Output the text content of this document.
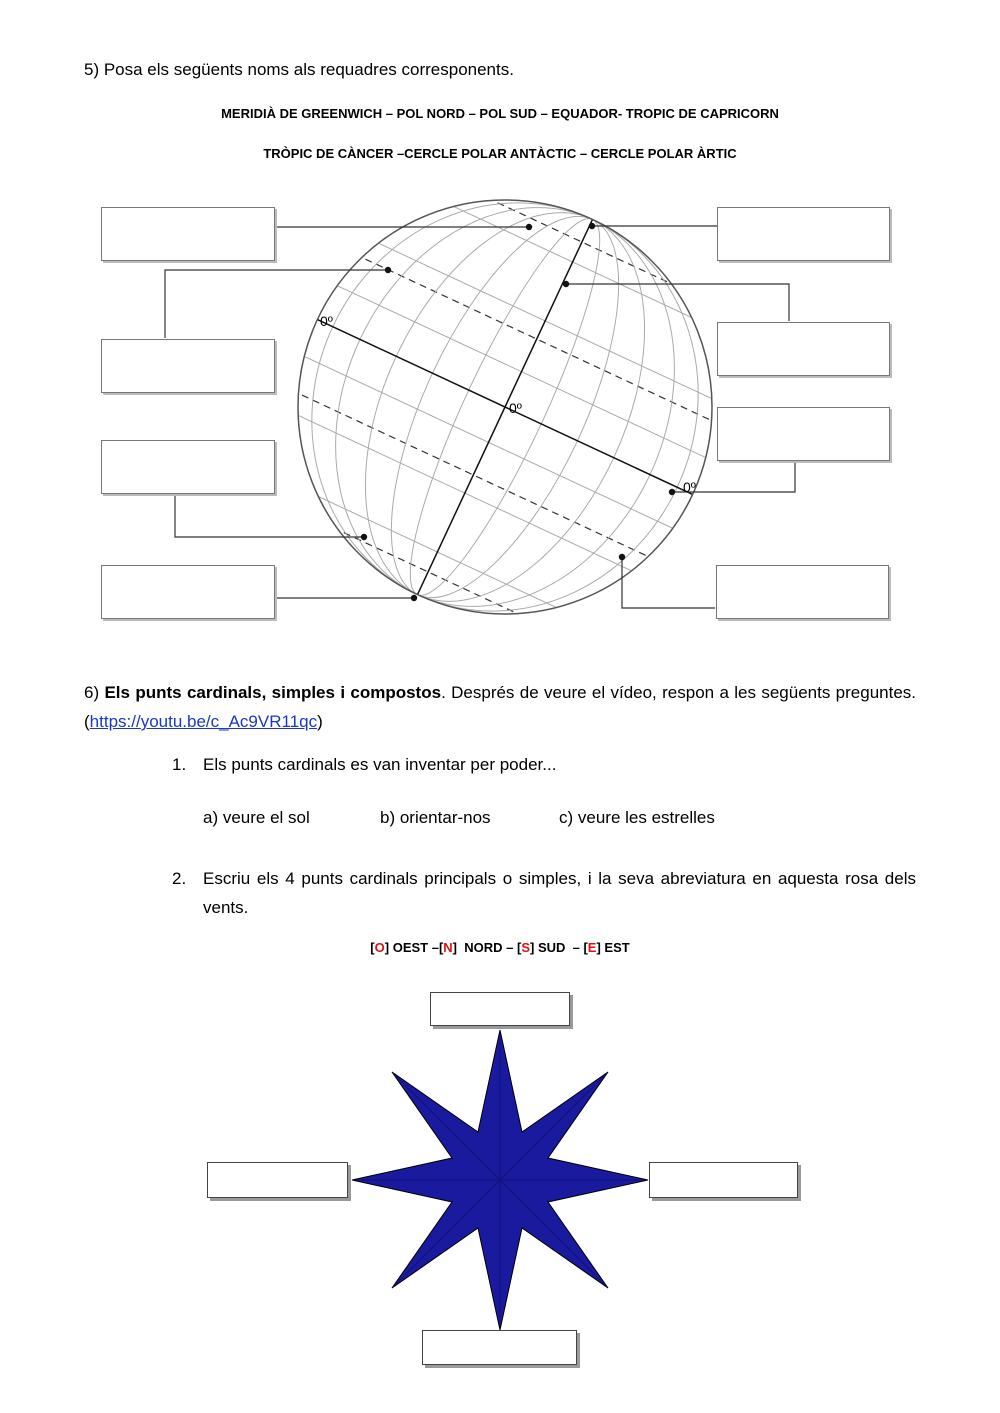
5) Posa els següents noms als requadres corresponents.
MERIDIÀ DE GREENWICH – POL NORD – POL SUD – EQUADOR- TROPIC DE CAPRICORN
TRÒPIC DE CÀNCER –CERCLE POLAR ANTÀCTIC – CERCLE POLAR ÀRTIC
0º
0º
0º
6) Els punts cardinals, simples i compostos. Després de veure el vídeo, respon a les següents preguntes. (https://youtu.be/c_Ac9VR11qc)
1. Els punts cardinals es van inventar per poder...
a) veure el sol	b) orientar-nos	c) veure les estrelles
2. Escriu els 4 punts cardinals principals o simples, i la seva abreviatura en aquesta rosa dels vents.
[O] OEST –[N]  NORD – [S] SUD  – [E] EST
